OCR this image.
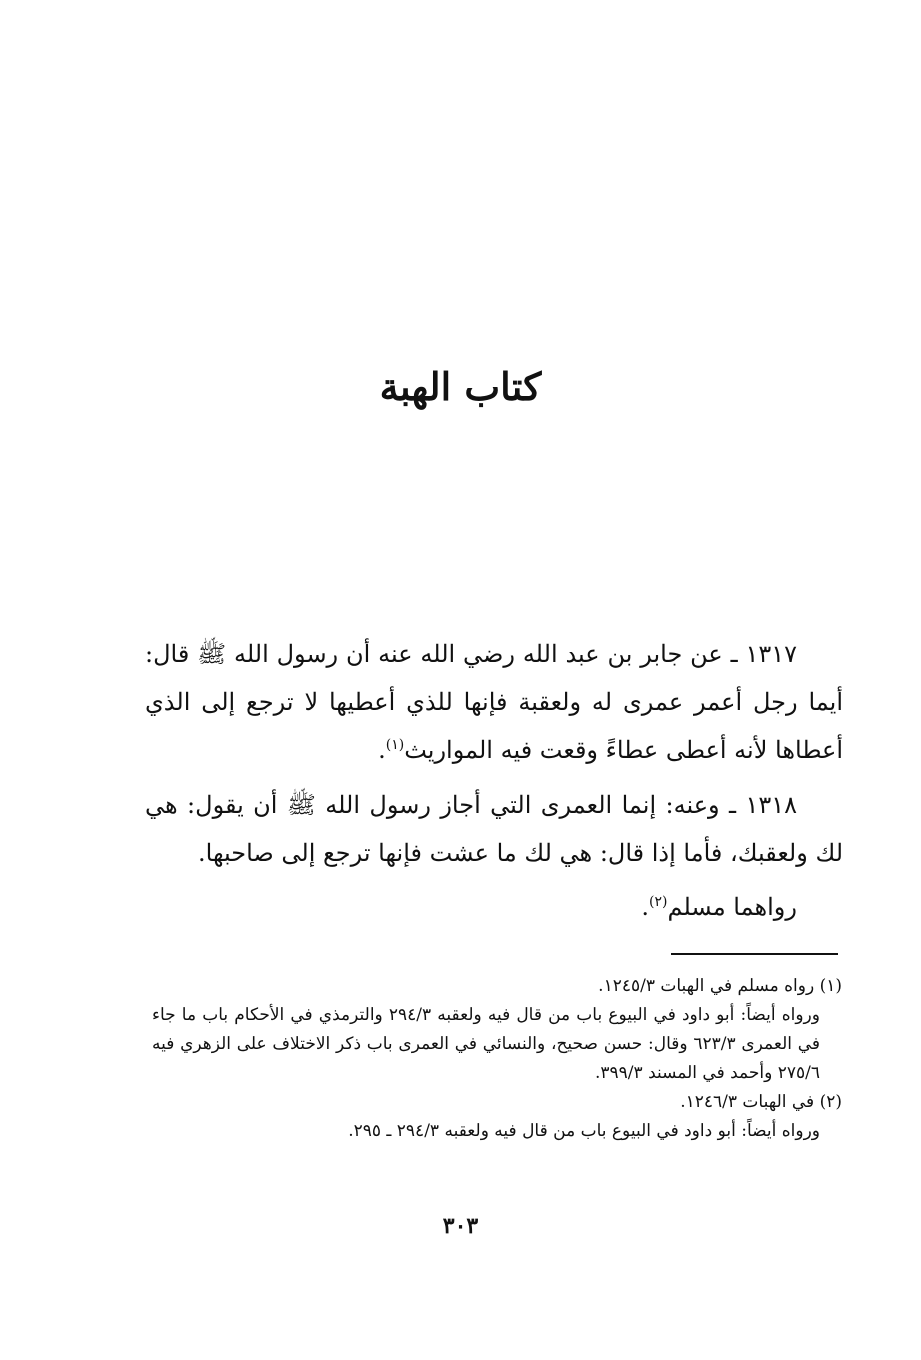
كتاب الهبة

١٣١٧ ـ عن جابر بن عبد الله رضي الله عنه أن رسول الله ﷺ قال: أيما رجل أعمر عمرى له ولعقبة فإنها للذي أعطيها لا ترجع إلى الذي أعطاها لأنه أعطى عطاءً وقعت فيه المواريث$^{(١)}$.

١٣١٨ ـ وعنه: إنما العمرى التي أجاز رسول الله ﷺ أن يقول: هي لك ولعقبك، فأما إذا قال: هي لك ما عشت فإنها ترجع إلى صاحبها.

رواهما مسلم$^{(٢)}$.

(١) رواه مسلم في الهبات ١٢٤٥/٣.

ورواه أيضاً: أبو داود في البيوع باب من قال فيه ولعقبه ٢٩٤/٣ والترمذي في الأحكام باب ما جاء في العمرى ٦٢٣/٣ وقال: حسن صحيح، والنسائي في العمرى باب ذكر الاختلاف على الزهري فيه ٢٧٥/٦ وأحمد في المسند ٣٩٩/٣.

(٢) في الهبات ١٢٤٦/٣.

ورواه أيضاً: أبو داود في البيوع باب من قال فيه ولعقبه ٢٩٤/٣ ـ ٢٩٥.

٣٠٣
